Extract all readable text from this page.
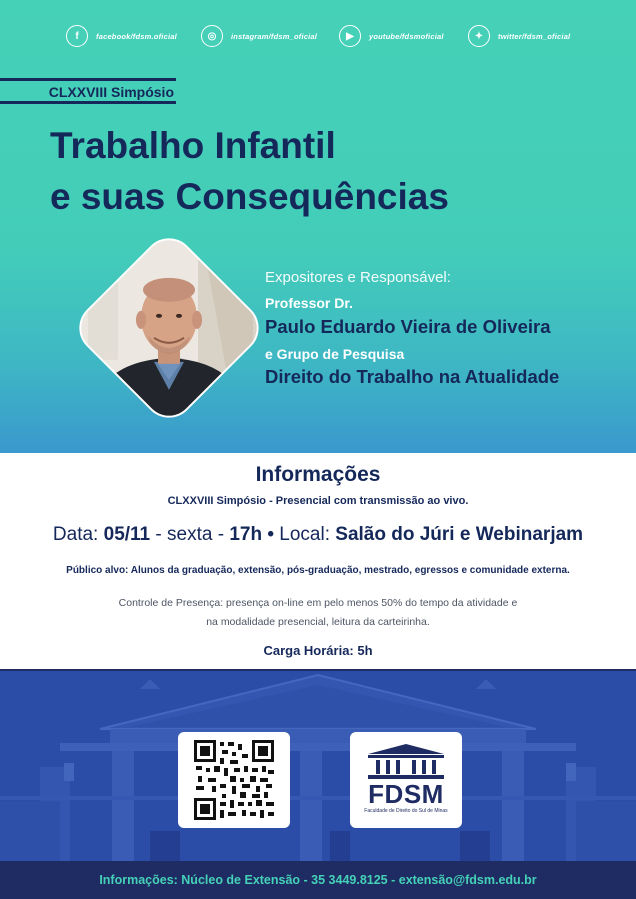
f	facebook/fdsm.oficial	◎	instagram/fdsm_oficial	▶	youtube/fdsmoficial	✦	twitter/fdsm_oficial
CLXXVIII Simpósio
Trabalho Infantil
e suas Consequências
Expositores e Responsável:
Professor Dr.
Paulo Eduardo Vieira de Oliveira
e Grupo de Pesquisa
Direito do Trabalho na Atualidade
Informações
CLXXVIII Simpósio - Presencial com transmissão ao vivo.
Data: 05/11 - sexta - 17h • Local: Salão do Júri e Webinarjam
Público alvo: Alunos da graduação, extensão, pós-graduação, mestrado, egressos e comunidade externa.
Controle de Presença: presença on-line em pelo menos 50% do tempo da atividade e
na modalidade presencial, leitura da carteirinha.
Carga Horária: 5h
FDSM
Faculdade de Direito do Sul de Minas
Informações: Núcleo de Extensão - 35 3449.8125 - extensão@fdsm.edu.br
